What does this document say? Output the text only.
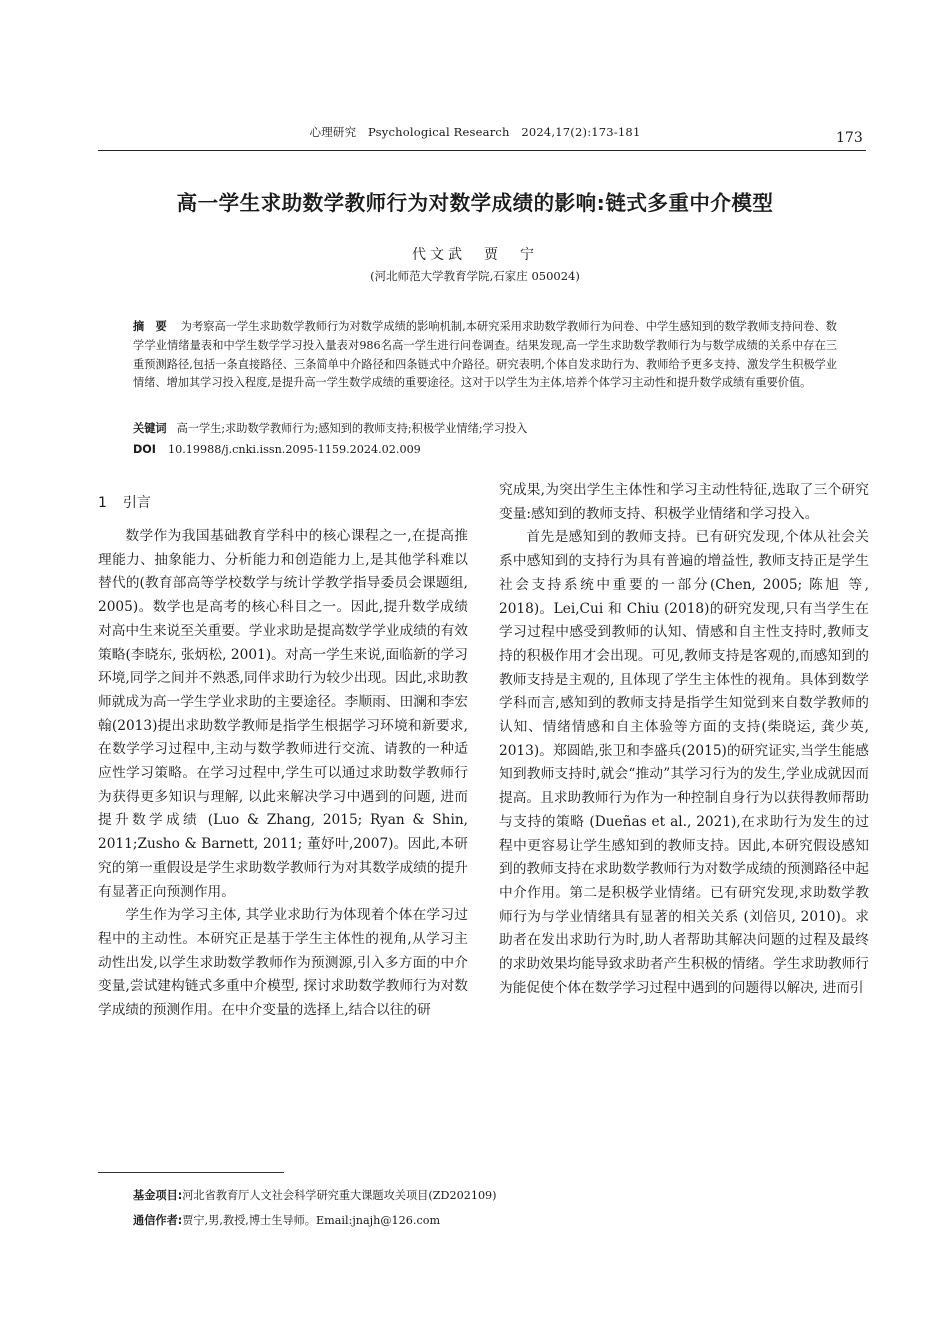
心理研究　Psychological Research　2024,17(2):173-181	173
高一学生求助数学教师行为对数学成绩的影响:链式多重中介模型
代文武　贾　宁
(河北师范大学教育学院,石家庄 050024)
摘　要 为考察高一学生求助数学教师行为对数学成绩的影响机制,本研究采用求助数学教师行为问卷、中学生感知到的数学教师支持问卷、数学学业情绪量表和中学生数学学习投入量表对986名高一学生进行问卷调查。结果发现,高一学生求助数学教师行为与数学成绩的关系中存在三重预测路径,包括一条直接路径、三条简单中介路径和四条链式中介路径。研究表明,个体自发求助行为、教师给予更多支持、激发学生积极学业情绪、增加其学习投入程度,是提升高一学生数学成绩的重要途径。这对于以学生为主体,培养个体学习主动性和提升数学成绩有重要价值。
关键词 高一学生;求助数学教师行为;感知到的教师支持;积极学业情绪;学习投入
DOI 10.19988/j.cnki.issn.2095-1159.2024.02.009
1 引言

数学作为我国基础教育学科中的核心课程之一,在提高推理能力、抽象能力、分析能力和创造能力上,是其他学科难以替代的(教育部高等学校数学与统计学教学指导委员会课题组, 2005)。数学也是高考的核心科目之一。因此,提升数学成绩对高中生来说至关重要。学业求助是提高数学学业成绩的有效策略(李晓东, 张炳松, 2001)。对高一学生来说,面临新的学习环境,同学之间并不熟悉,同伴求助行为较少出现。因此,求助教师就成为高一学生学业求助的主要途径。李顺雨、田澜和李宏翰(2013)提出求助数学教师是指学生根据学习环境和新要求, 在数学学习过程中,主动与数学教师进行交流、请教的一种适应性学习策略。在学习过程中,学生可以通过求助数学教师行为获得更多知识与理解, 以此来解决学习中遇到的问题, 进而提升数学成绩 (Luo & Zhang, 2015; Ryan & Shin, 2011;Zusho & Barnett, 2011; 董妤叶,2007)。因此,本研究的第一重假设是学生求助数学教师行为对其数学成绩的提升有显著正向预测作用。

学生作为学习主体, 其学业求助行为体现着个体在学习过程中的主动性。本研究正是基于学生主体性的视角,从学习主动性出发,以学生求助数学教师作为预测源,引入多方面的中介变量,尝试建构链式多重中介模型, 探讨求助数学教师行为对数学成绩的预测作用。在中介变量的选择上,结合以往的研

究成果,为突出学生主体性和学习主动性特征,选取了三个研究变量:感知到的教师支持、积极学业情绪和学习投入。

首先是感知到的教师支持。已有研究发现,个体从社会关系中感知到的支持行为具有普遍的增益性, 教师支持正是学生社会支持系统中重要的一部分(Chen, 2005; 陈旭 等, 2018)。Lei,Cui 和 Chiu (2018)的研究发现,只有当学生在学习过程中感受到教师的认知、情感和自主性支持时,教师支持的积极作用才会出现。可见,教师支持是客观的,而感知到的教师支持是主观的, 且体现了学生主体性的视角。具体到数学学科而言,感知到的教师支持是指学生知觉到来自数学教师的认知、情绪情感和自主体验等方面的支持(柴晓运, 龚少英, 2013)。郑圆皓,张卫和李盛兵(2015)的研究证实,当学生能感知到教师支持时,就会“推动”其学习行为的发生,学业成就因而提高。且求助教师行为作为一种控制自身行为以获得教师帮助与支持的策略 (Dueñas et al., 2021),在求助行为发生的过程中更容易让学生感知到的教师支持。因此,本研究假设感知到的教师支持在求助数学教师行为对数学成绩的预测路径中起中介作用。第二是积极学业情绪。已有研究发现,求助数学教师行为与学业情绪具有显著的相关关系 (刘倍贝, 2010)。求助者在发出求助行为时,助人者帮助其解决问题的过程及最终的求助效果均能导致求助者产生积极的情绪。学生求助教师行为能促使个体在数学学习过程中遇到的问题得以解决, 进而引

基金项目:河北省教育厅人文社会科学研究重大课题攻关项目(ZD202109)
通信作者:贾宁,男,教授,博士生导师。Email:jnajh@126.com
